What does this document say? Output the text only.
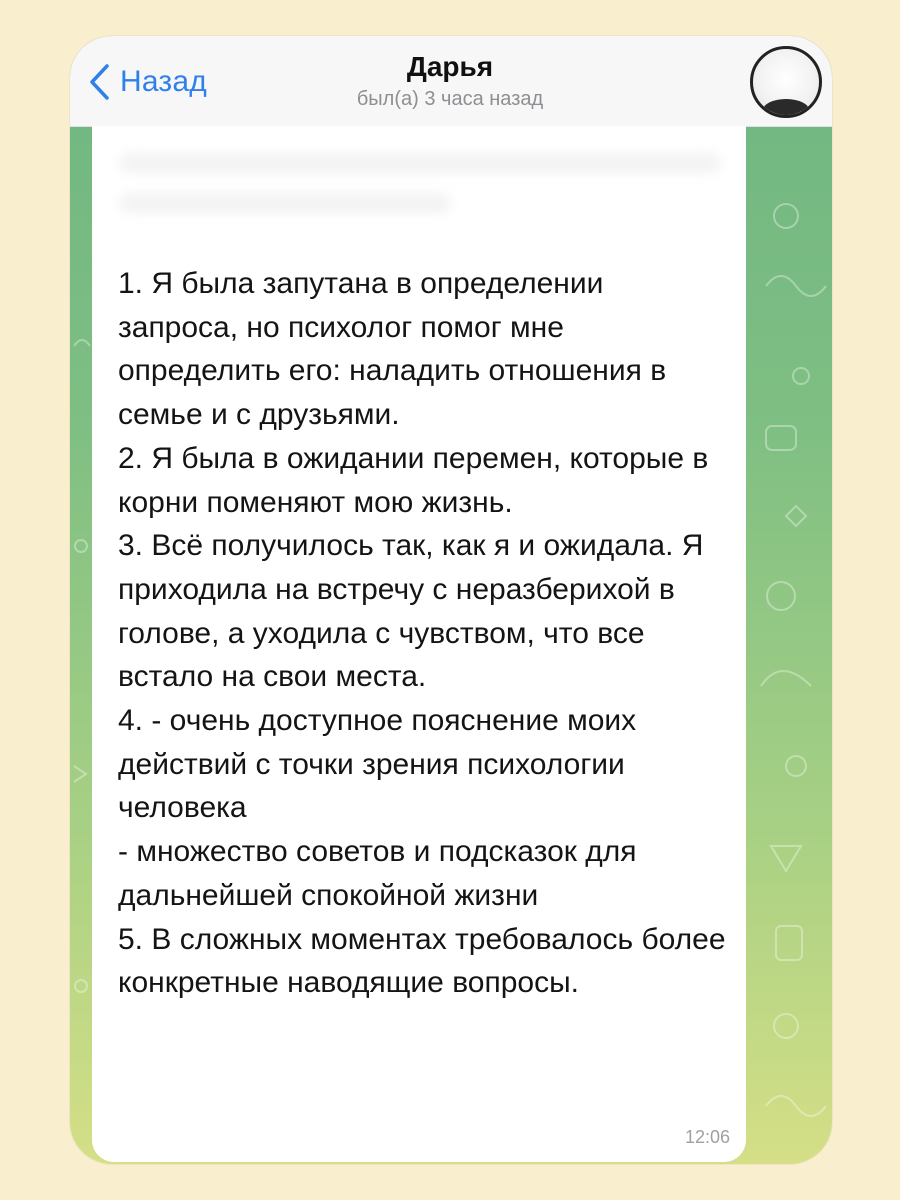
Назад	Дарья
был(а) 3 часа назад
1. Я была запутана в определении запроса, но психолог помог мне определить его: наладить отношения в семье и с друзьями.
2. Я была в ожидании перемен, которые в корни поменяют мою жизнь.
3. Всё получилось так, как я и ожидала. Я приходила на встречу с неразберихой в голове, а уходила с чувством, что все встало на свои места.
4. - очень доступное пояснение моих действий с точки зрения психологии человека
- множество советов и подсказок для дальнейшей спокойной жизни
5. В сложных моментах требовалось более конкретные наводящие вопросы.
12:06
